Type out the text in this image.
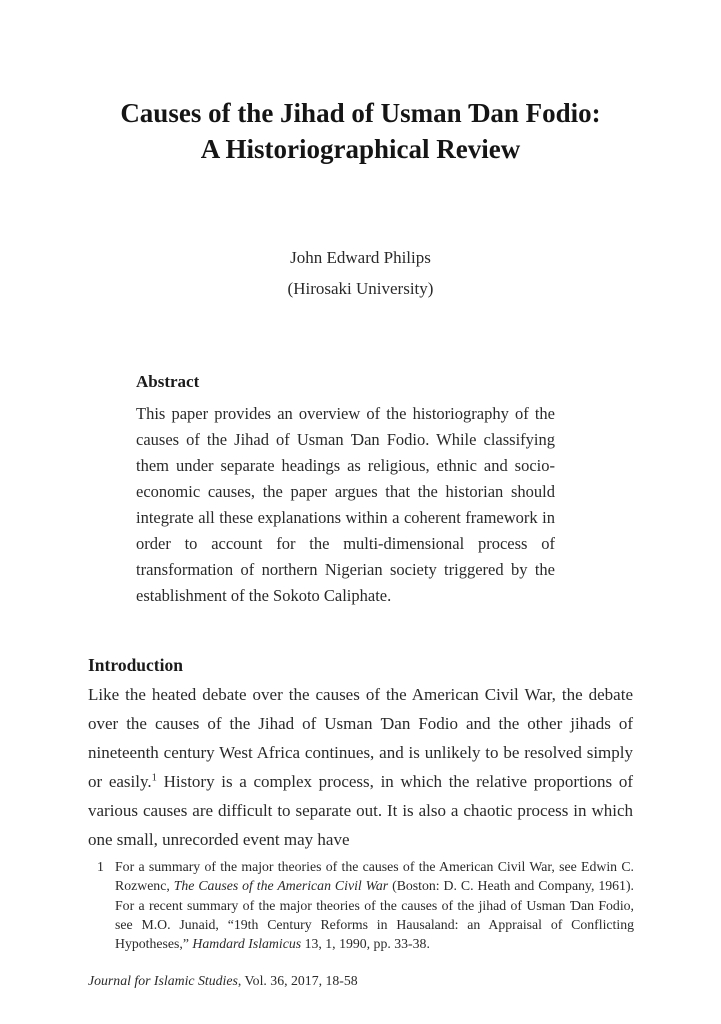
Causes of the Jihad of Usman Ɗan Fodio:
A Historiographical Review
John Edward Philips
(Hirosaki University)
Abstract

This paper provides an overview of the historiography of the causes of the Jihad of Usman Ɗan Fodio. While classifying them under separate headings as religious, ethnic and socio-economic causes, the paper argues that the historian should integrate all these explanations within a coherent framework in order to account for the multi-dimensional process of transformation of northern Nigerian society triggered by the establishment of the Sokoto Caliphate.

Introduction
Like the heated debate over the causes of the American Civil War, the debate over the causes of the Jihad of Usman Ɗan Fodio and the other jihads of nineteenth century West Africa continues, and is unlikely to be resolved simply or easily.$^1$ History is a complex process, in which the relative proportions of various causes are difficult to separate out. It is also a chaotic process in which one small, unrecorded event may have
1 For a summary of the major theories of the causes of the American Civil War, see Edwin C. Rozwenc, The Causes of the American Civil War (Boston: D. C. Heath and Company, 1961). For a recent summary of the major theories of the causes of the jihad of Usman Ɗan Fodio, see M.O. Junaid, “19th Century Reforms in Hausaland: an Appraisal of Conflicting Hypotheses,” Hamdard Islamicus 13, 1, 1990, pp. 33-38.
Journal for Islamic Studies, Vol. 36, 2017, 18-58
